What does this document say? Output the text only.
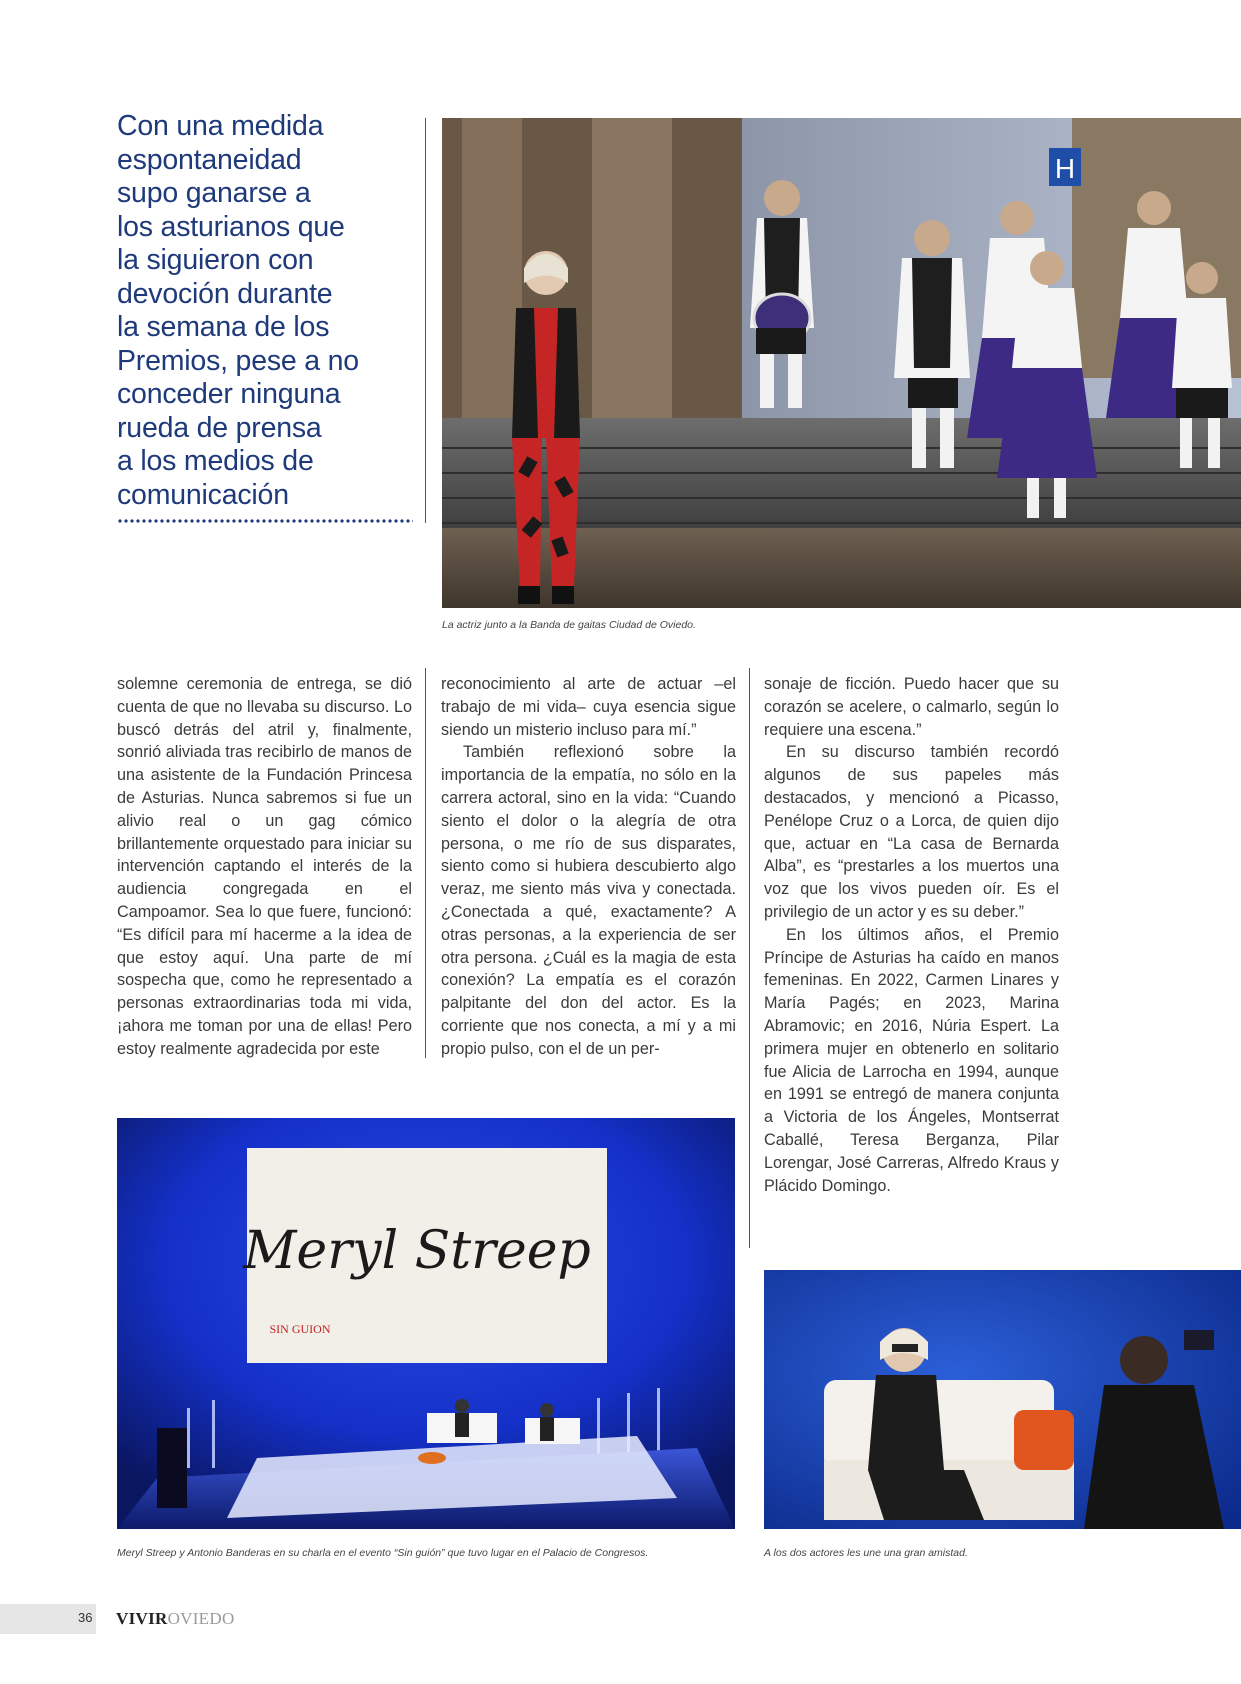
Con una medida
espontaneidad
supo ganarse a
los asturianos que
la siguieron con
devoción durante
la semana de los
Premios, pese a no
conceder ninguna
rueda de prensa
a los medios de
comunicación
H
La actriz junto a la Banda de gaitas Ciudad de Oviedo.

solemne ceremonia de entrega, se dió cuenta de que no llevaba su discurso. Lo buscó detrás del atril y, finalmente, sonrió aliviada tras recibirlo de manos de una asistente de la Fundación Princesa de Asturias. Nunca sabremos si fue un alivio real o un gag cómico brillantemente orquestado para iniciar su intervención captando el interés de la audiencia congregada en el Campoamor. Sea lo que fuere, funcionó: “Es difícil para mí hacerme a la idea de que estoy aquí. Una parte de mí sospecha que, como he representado a personas extraordinarias toda mi vida, ¡ahora me toman por una de ellas! Pero estoy realmente agradecida por este

reconocimiento al arte de actuar –el trabajo de mi vida– cuya esencia sigue siendo un misterio incluso para mí.”

También reflexionó sobre la importancia de la empatía, no sólo en la carrera actoral, sino en la vida: “Cuando siento el dolor o la alegría de otra persona, o me río de sus disparates, siento como si hubiera descubierto algo veraz, me siento más viva y conectada. ¿Conectada a qué, exactamente? A otras personas, a la experiencia de ser otra persona. ¿Cuál es la magia de esta conexión? La empatía es el corazón palpitante del don del actor. Es la corriente que nos conecta, a mí y a mi propio pulso, con el de un per-

sonaje de ficción. Puedo hacer que su corazón se acelere, o calmarlo, según lo requiere una escena.”

En su discurso también recordó algunos de sus papeles más destacados, y mencionó a Picasso, Penélope Cruz o a Lorca, de quien dijo que, actuar en “La casa de Bernarda Alba”, es “prestarles a los muertos una voz que los vivos pueden oír. Es el privilegio de un actor y es su deber.”

En los últimos años, el Premio Príncipe de Asturias ha caído en manos femeninas. En 2022, Carmen Linares y María Pagés; en 2023, Marina Abramovic; en 2016, Núria Espert. La primera mujer en obtenerlo en solitario fue Alicia de Larrocha en 1994, aunque en 1991 se entregó de manera conjunta a Victoria de los Ángeles, Montserrat Caballé, Teresa Berganza, Pilar Lorengar, José Carreras, Alfredo Kraus y Plácido Domingo.

Meryl Streep
SIN GUION
Meryl Streep y Antonio Banderas en su charla en el evento “Sin guión” que tuvo lugar en el Palacio de Congresos.	A los dos actores les une una gran amistad.
36 VIVIROVIEDO
